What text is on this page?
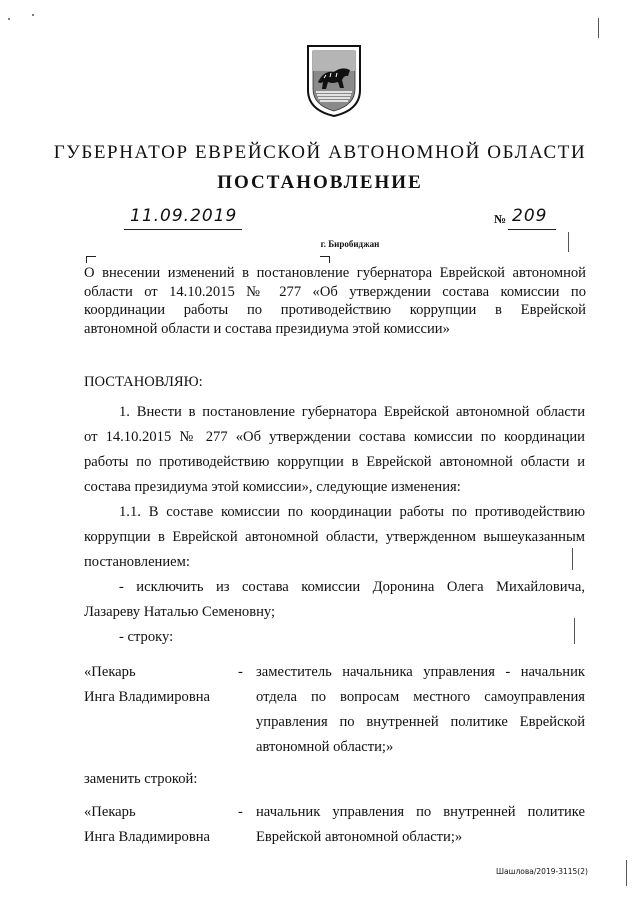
ГУБЕРНАТОР ЕВРЕЙСКОЙ АВТОНОМНОЙ ОБЛАСТИ
ПОСТАНОВЛЕНИЕ
11.09.2019	№ 209
г. Биробиджан
О внесении изменений в постановление губернатора Еврейской автономной
области от 14.10.2015 № 277 «Об утверждении состава комиссии по
координации работы по противодействию коррупции в Еврейской
автономной области и состава президиума этой комиссии»
ПОСТАНОВЛЯЮ:
1. Внести в постановление губернатора Еврейской автономной области
от 14.10.2015 № 277 «Об утверждении состава комиссии по координации
работы по противодействию коррупции в Еврейской автономной области и
состава президиума этой комиссии», следующие изменения:
1.1. В составе комиссии по координации работы по противодействию
коррупции в Еврейской автономной области, утвержденном вышеуказанным
постановлением:
- исключить из состава комиссии Доронина Олега Михайловича,
Лазареву Наталью Семеновну;
- строку:
«Пекарь
Инга Владимировна
- заместитель начальника управления - начальник
отдела по вопросам местного самоуправления
управления по внутренней политике Еврейской
автономной области;»
заменить строкой:
«Пекарь
Инга Владимировна
- начальник управления по внутренней политике
Еврейской автономной области;»
Шашлова/2019-3115(2)
